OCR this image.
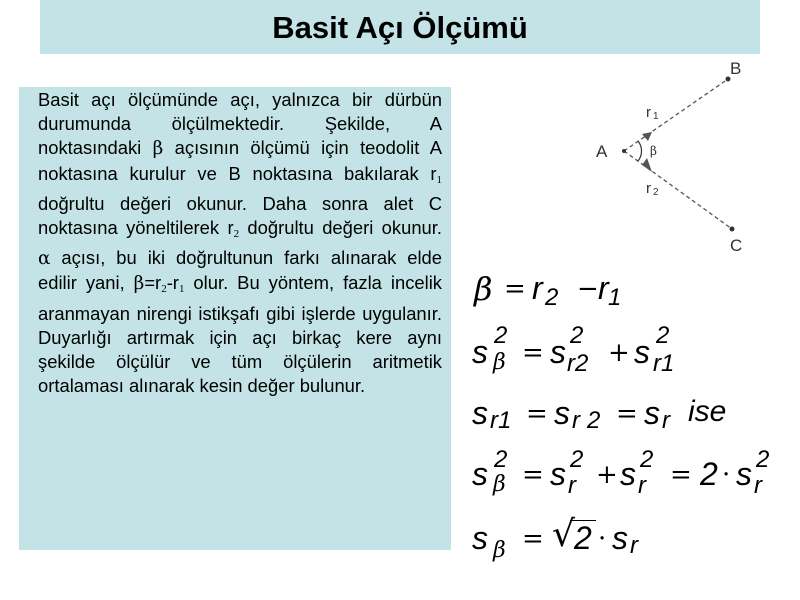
Basit Açı Ölçümü

Basit açı ölçümünde açı, yalnızca bir dürbün durumunda ölçülmektedir. Şekilde, A noktasındaki β açısının ölçümü için teodolit A noktasına kurulur ve B noktasına bakılarak $r_1$ doğrultu değeri okunur. Daha sonra alet C noktasına yöneltilerek $r_2$ doğrultu değeri okunur. α açısı, bu iki doğrultunun farkı alınarak elde edilir yani, $\beta=r_2-r_1$ olur. Bu yöntem, fazla incelik aranmayan nirengi istikşafı gibi işlerde uygulanır. Duyarlığı artırmak için açı birkaç kere aynı şekilde ölçülür ve tüm ölçülerin aritmetik ortalaması alınarak kesin değer bulunur.

A
B
C
r 1
r 2
β
β = r 2 − r 1
s 2
β = s 2
r2 + s 2
r1
s r1 = s r 2 = s r ise
s 2
β = s 2
r + s 2
r = 2 · s 2
r
s β = √ 2 · s r
